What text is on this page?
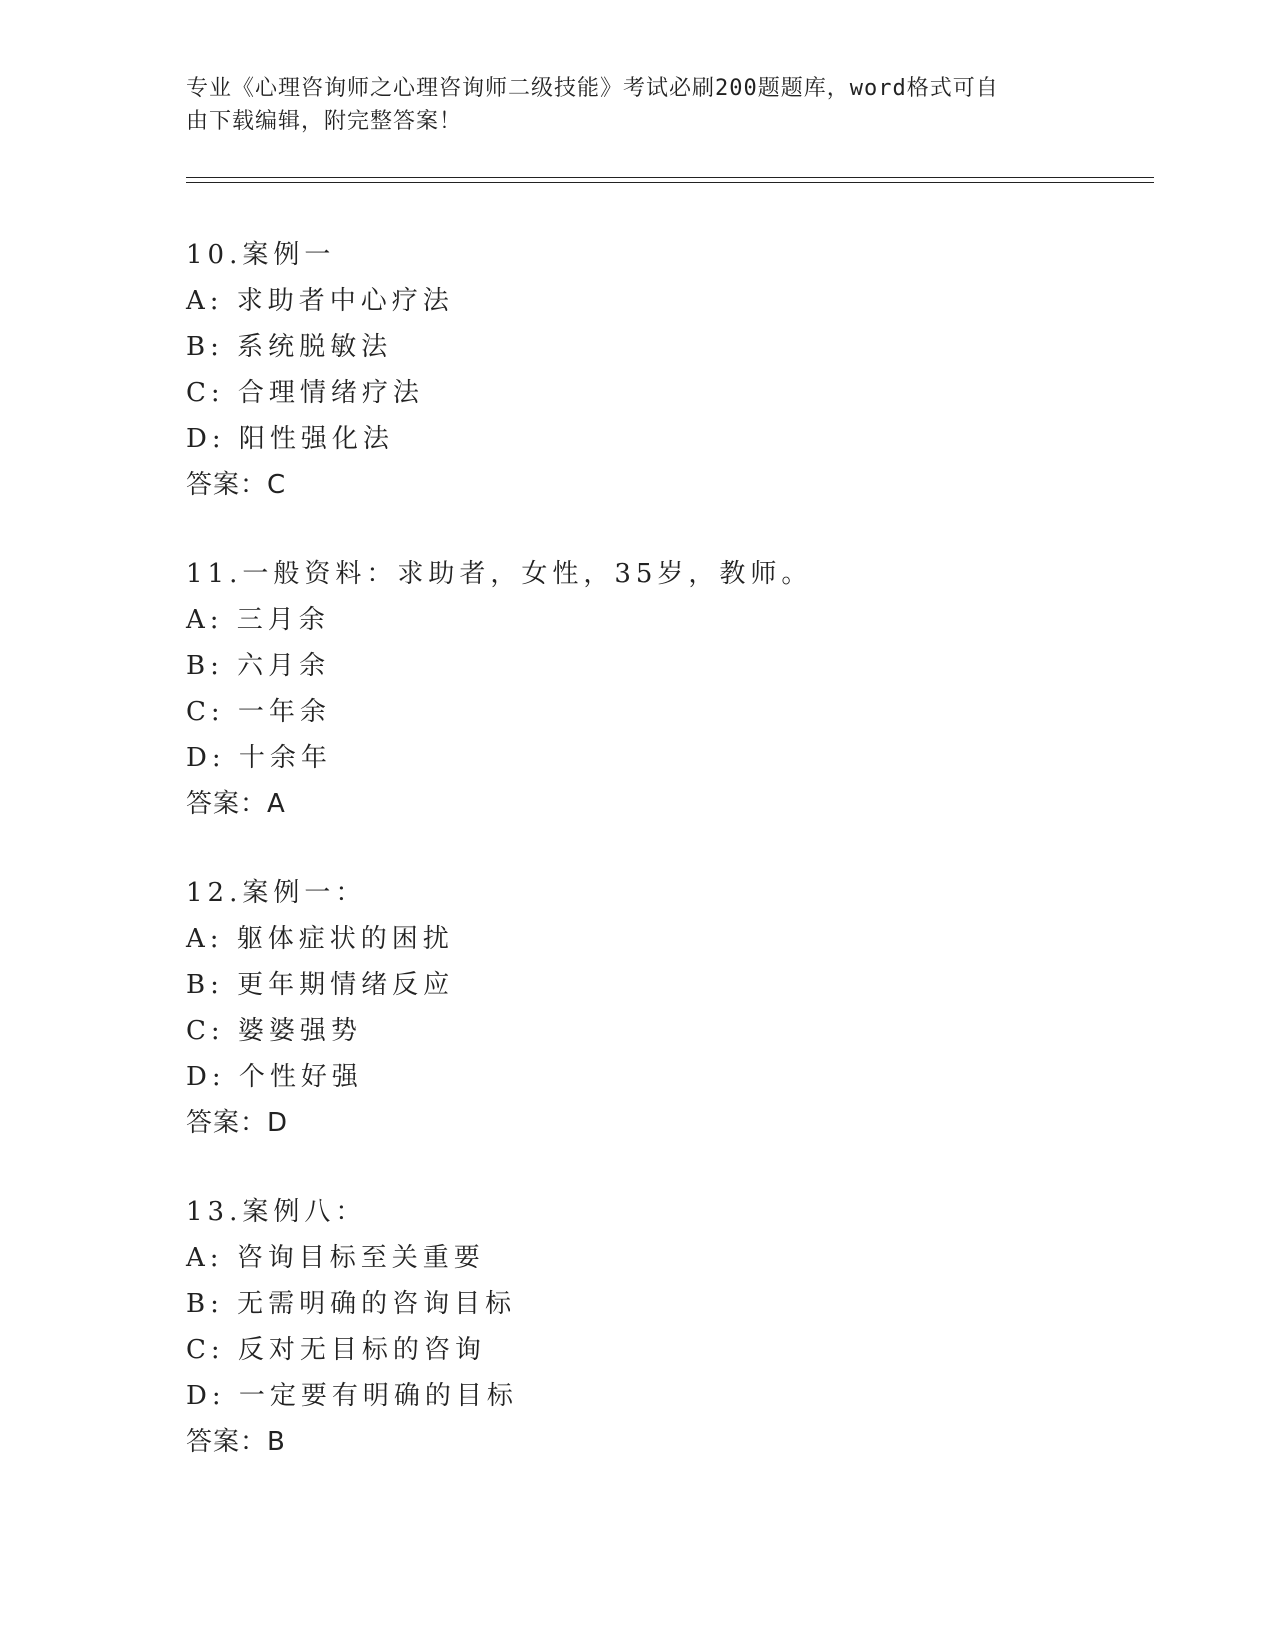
专业《心理咨询师之心理咨询师二级技能》考试必刷200题题库，word格式可自
由下载编辑，附完整答案！
10.案例一
A: 求助者中心疗法
B: 系统脱敏法
C: 合理情绪疗法
D: 阳性强化法
答案：C
11.一般资料：求助者，女性，35岁，教师。
A: 三月余
B: 六月余
C: 一年余
D: 十余年
答案：A
12.案例一：
A: 躯体症状的困扰
B: 更年期情绪反应
C: 婆婆强势
D: 个性好强
答案：D
13.案例八：
A: 咨询目标至关重要
B: 无需明确的咨询目标
C: 反对无目标的咨询
D: 一定要有明确的目标
答案：B
